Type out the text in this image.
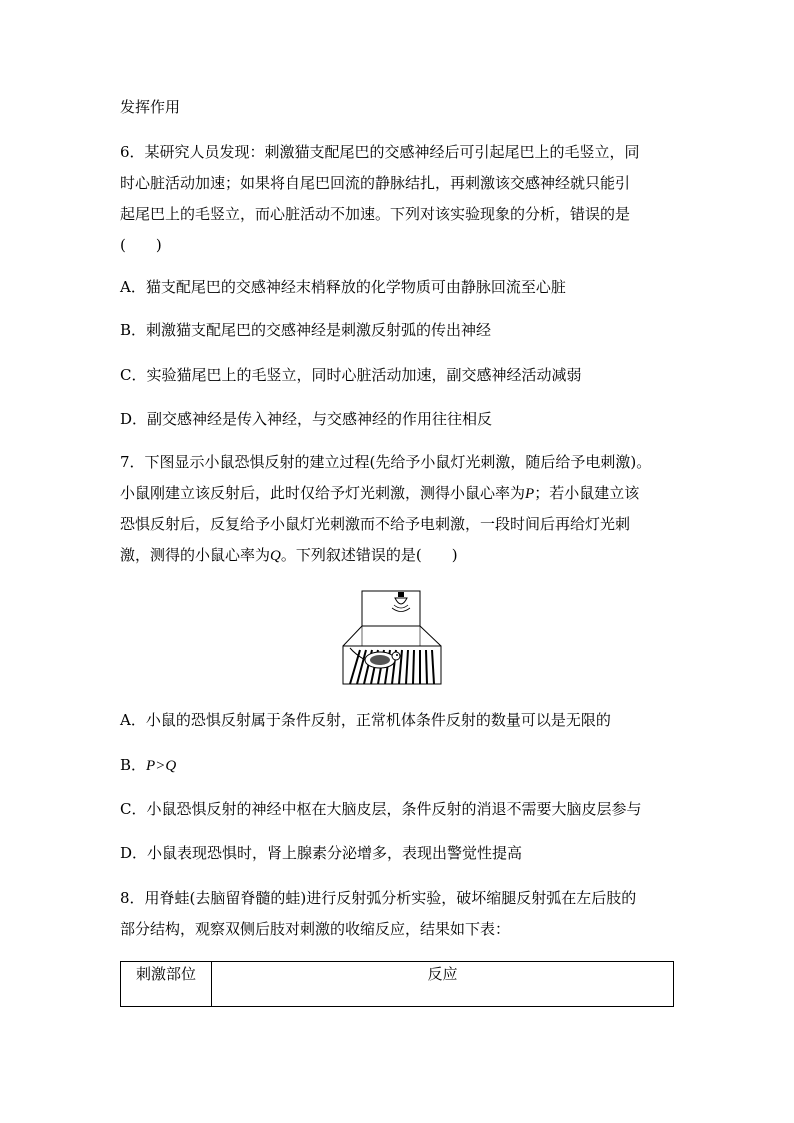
发挥作用
6．某研究人员发现：刺激猫支配尾巴的交感神经后可引起尾巴上的毛竖立，同
时心脏活动加速；如果将自尾巴回流的静脉结扎，再刺激该交感神经就只能引
起尾巴上的毛竖立，而心脏活动不加速。下列对该实验现象的分析，错误的是
(　　)
A．猫支配尾巴的交感神经末梢释放的化学物质可由静脉回流至心脏
B．刺激猫支配尾巴的交感神经是刺激反射弧的传出神经
C．实验猫尾巴上的毛竖立，同时心脏活动加速，副交感神经活动减弱
D．副交感神经是传入神经，与交感神经的作用往往相反
7．下图显示小鼠恐惧反射的建立过程(先给予小鼠灯光刺激，随后给予电刺激)。
小鼠刚建立该反射后，此时仅给予灯光刺激，测得小鼠心率为P；若小鼠建立该
恐惧反射后，反复给予小鼠灯光刺激而不给予电刺激，一段时间后再给灯光刺
激，测得的小鼠心率为Q。下列叙述错误的是(　　)
A．小鼠的恐惧反射属于条件反射，正常机体条件反射的数量可以是无限的
B．P>Q
C．小鼠恐惧反射的神经中枢在大脑皮层，条件反射的消退不需要大脑皮层参与
D．小鼠表现恐惧时，肾上腺素分泌增多，表现出警觉性提高
8．用脊蛙(去脑留脊髓的蛙)进行反射弧分析实验，破坏缩腿反射弧在左后肢的
部分结构，观察双侧后肢对刺激的收缩反应，结果如下表：
刺激部位	反应
